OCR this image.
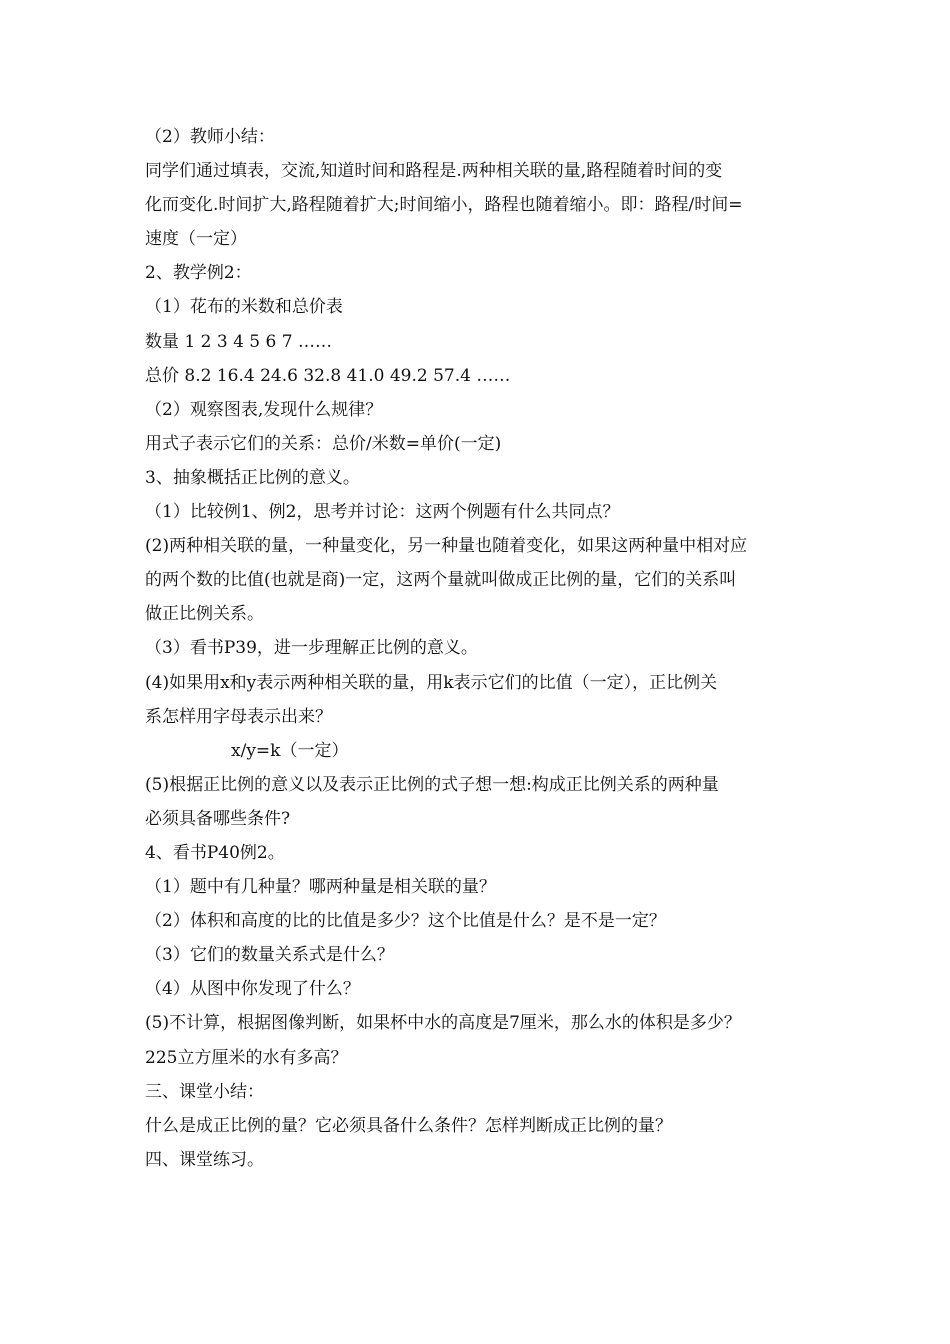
（2）教师小结：
同学们通过填表，交流,知道时间和路程是.两种相关联的量,路程随着时间的变
化而变化.时间扩大,路程随着扩大;时间缩小，路程也随着缩小。即：路程/时间=
速度（一定）
2、教学例2：
（1）花布的米数和总价表
数量 1 2 3 4 5 6 7 ……
总价 8.2 16.4 24.6 32.8 41.0 49.2 57.4 ……
（2）观察图表,发现什么规律？
用式子表示它们的关系：总价/米数=单价(一定)
3、抽象概括正比例的意义。
（1）比较例1、例2，思考并讨论：这两个例题有什么共同点？
(2)两种相关联的量，一种量变化，另一种量也随着变化，如果这两种量中相对应
的两个数的比值(也就是商)一定，这两个量就叫做成正比例的量，它们的关系叫
做正比例关系。
（3）看书P39，进一步理解正比例的意义。
(4)如果用x和y表示两种相关联的量，用k表示它们的比值（一定），正比例关
系怎样用字母表示出来？
x/y=k（一定）
(5)根据正比例的意义以及表示正比例的式子想一想:构成正比例关系的两种量
必须具备哪些条件?
4、看书P40例2。
（1）题中有几种量？哪两种量是相关联的量？
（2）体积和高度的比的比值是多少？这个比值是什么？是不是一定？
（3）它们的数量关系式是什么？
（4）从图中你发现了什么？
(5)不计算，根据图像判断，如果杯中水的高度是7厘米，那么水的体积是多少？
225立方厘米的水有多高？
三、课堂小结：
什么是成正比例的量？它必须具备什么条件？怎样判断成正比例的量？
四、课堂练习。
